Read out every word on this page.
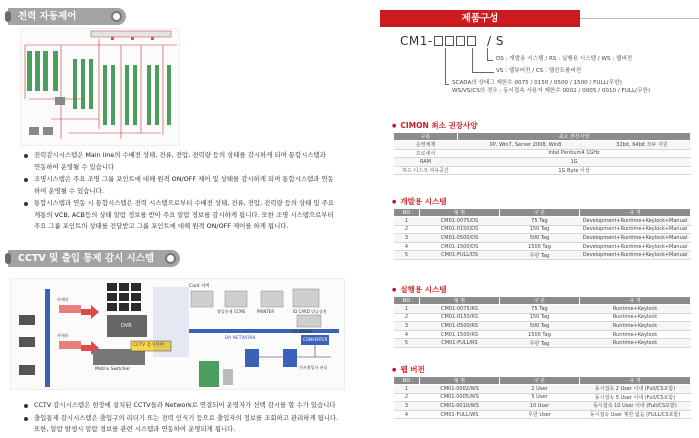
전력 자동제어
전력감시시스템은 Main line의 수배전 상태, 전류, 전압, 전력량 등의 상태를 감시하게 되며 통합시스템과 연동하여 운영될 수 있습니다
조명시스템은 주요 조명 그룹 포인트에 대해 원격 ON/OFF 제어 및 상태를 감시하게 되며 통합시스템과 연동하여 운영될 수 있습니다.
통합시스템과 연동 시 통합시스템은 전력 시스템으로부터 수배전 상태, 전류, 전압, 전력량 등의 상태 및 주요 게통의 VCB, ACB등의 상태 알람 정보를 받아 주요 알람 정보를 감시하게 됩니다. 또한 조명 시스템으로부터 주요 그룹 포인트의 상태를 전달받고 그룹 포인트에 대해 원격 ON/OFF 제어를 하게 됩니다.
CCTV 및 출입 통제 감시 시스템
카메라
카메라
DVR
Matrix Switcher
CCTV 감시서버
Card 서버
출입통제 CCMS	PRINTER	ID CARD 발급장치
SCANNER
BA NETWORK	CONVERTER
전자출입자 관리
CCTV 감시시스템은 현장에 설치된 CCTV들과 Network로 연결되어 운영자가 선택 감시를 할 수가 있습니다
출입통제 감시시스템은 출입구의 리더기 또는 전력 인식기 등으로 출입자의 정보를 조회하고 관리하게 됩니다. 또한, 알람 발생시 알람 경보를 관련 시스템과 연동하여 운영되게 됩니다.
제품구성
CM1-	/ S
DS : 개발용 시스템 / RS : 실행용 시스템 / WS : 웹버전
VS : 웹뷰어전 / CS : 웹컨트롤버전
SCADA의 상태그 제한수 0075 / 0150 / 0500 / 1500 / FULL(무한)
WS/VS/CS의 경우 : 동시접속 사용자 제한수 0002 / 0005 / 0010 / FULL(무한)
● CIMON 최소 권장사양
구분	최소 권장사양	
운영체제	XP, Win7, Server 2008, Win8	32bit, 64bit 모두 지원
프로세서	Intel Pentium4 1GHz	
RAM	1G	
하드 디스크 여유공간	1G Byte 이상	
● 개발용 시스템
NO	형 명	구 분	규 격
1	CM01-0075/DS	75 Tag	Development+Runtime+Keylock+Manual
2	CM01-0150/DS	150 Tag	Development+Runtime+Keylock+Manual
3	CM01-0500/DS	500 Tag	Development+Runtime+Keylock+Manual
4	CM01-1500/DS	1500 Tag	Development+Runtime+Keylock+Manual
5	CM01-FULL/DS	무한 Tag	Development+Runtime+Keylock+Manual
● 실행용 시스템
NO	형 명	구 분	규 격
1	CM01-0075/RS	75 Tag	Runtime+Keylock
2	CM01-0150/RS	150 Tag	Runtime+Keylock
3	CM01-0500/RS	500 Tag	Runtime+Keylock
4	CM01-1500/RS	1500 Tag	Runtime+Keylock
5	CM01-FULL/RS	무한 Tag	Runtime+Keylock
● 웹 버전
NO	형 명	구 분	규 격
1	CM01-0002/WS	2 User	동시접속 2 User 이내 (Full/CS포함)
2	CM01-0005/WS	5 User	동시접속 5 User 이내 (Full/CS포함)
3	CM01-0010/WS	10 User	동시접속 10 User 이내 (Full/CS포함)
4	CM01-FULL/WS	무한 User	동시접속 User 제한 없음 (FULL/CS포함)
